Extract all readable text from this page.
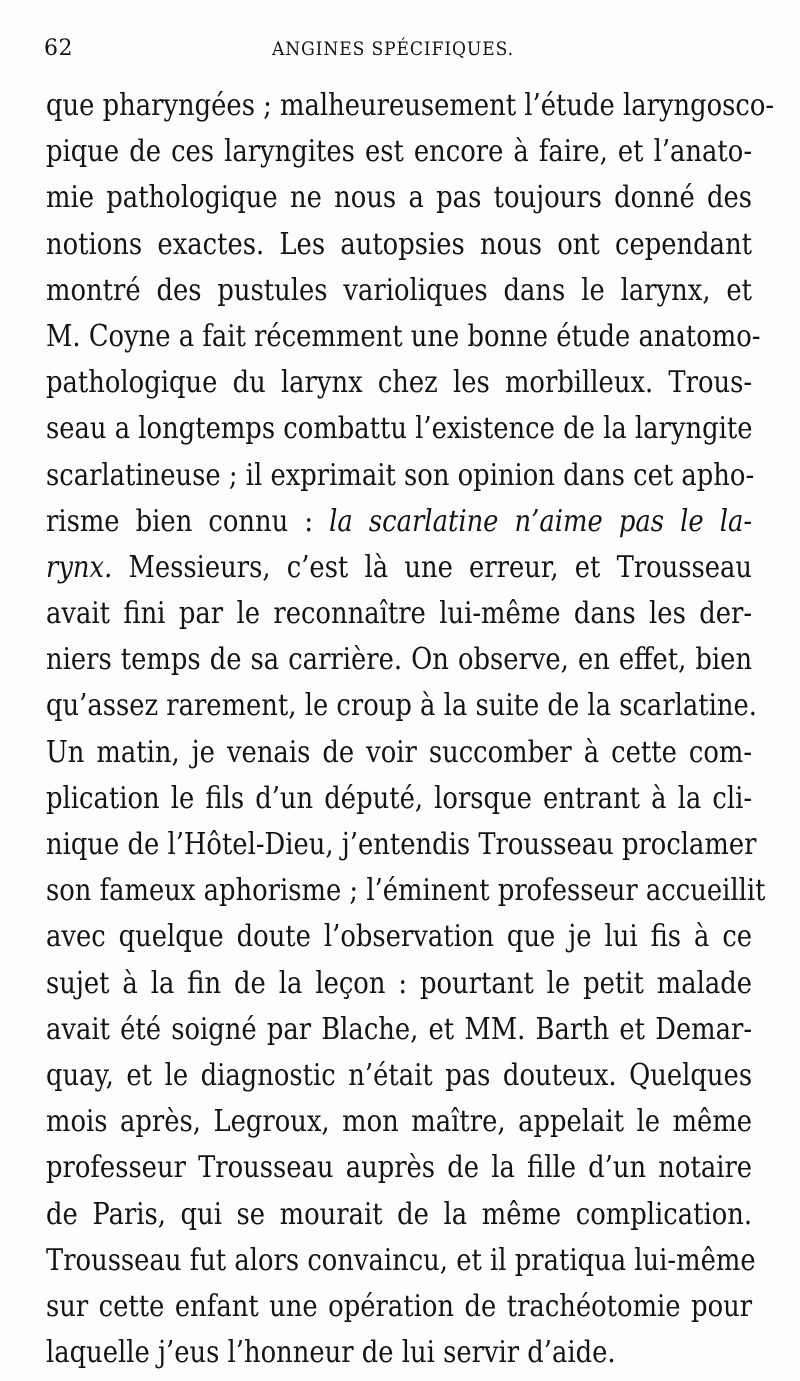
62	ANGINES SPÉCIFIQUES.
que pharyngées ; malheureusement l’étude laryngosco-
pique de ces laryngites est encore à faire, et l’anato-
mie pathologique ne nous a pas toujours donné des
notions exactes. Les autopsies nous ont cependant
montré des pustules varioliques dans le larynx, et
M. Coyne a fait récemment une bonne étude anatomo-
pathologique du larynx chez les morbilleux. Trous-
seau a longtemps combattu l’existence de la laryngite
scarlatineuse ; il exprimait son opinion dans cet apho-
risme bien connu : la scarlatine n’aime pas le la-
rynx. Messieurs, c’est là une erreur, et Trousseau
avait fini par le reconnaître lui-même dans les der-
niers temps de sa carrière. On observe, en effet, bien
qu’assez rarement, le croup à la suite de la scarlatine.
Un matin, je venais de voir succomber à cette com-
plication le fils d’un député, lorsque entrant à la cli-
nique de l’Hôtel-Dieu, j’entendis Trousseau proclamer
son fameux aphorisme ; l’éminent professeur accueillit
avec quelque doute l’observation que je lui fis à ce
sujet à la fin de la leçon : pourtant le petit malade
avait été soigné par Blache, et MM. Barth et Demar-
quay, et le diagnostic n’était pas douteux. Quelques
mois après, Legroux, mon maître, appelait le même
professeur Trousseau auprès de la fille d’un notaire
de Paris, qui se mourait de la même complication.
Trousseau fut alors convaincu, et il pratiqua lui-même
sur cette enfant une opération de trachéotomie pour
laquelle j’eus l’honneur de lui servir d’aide.
